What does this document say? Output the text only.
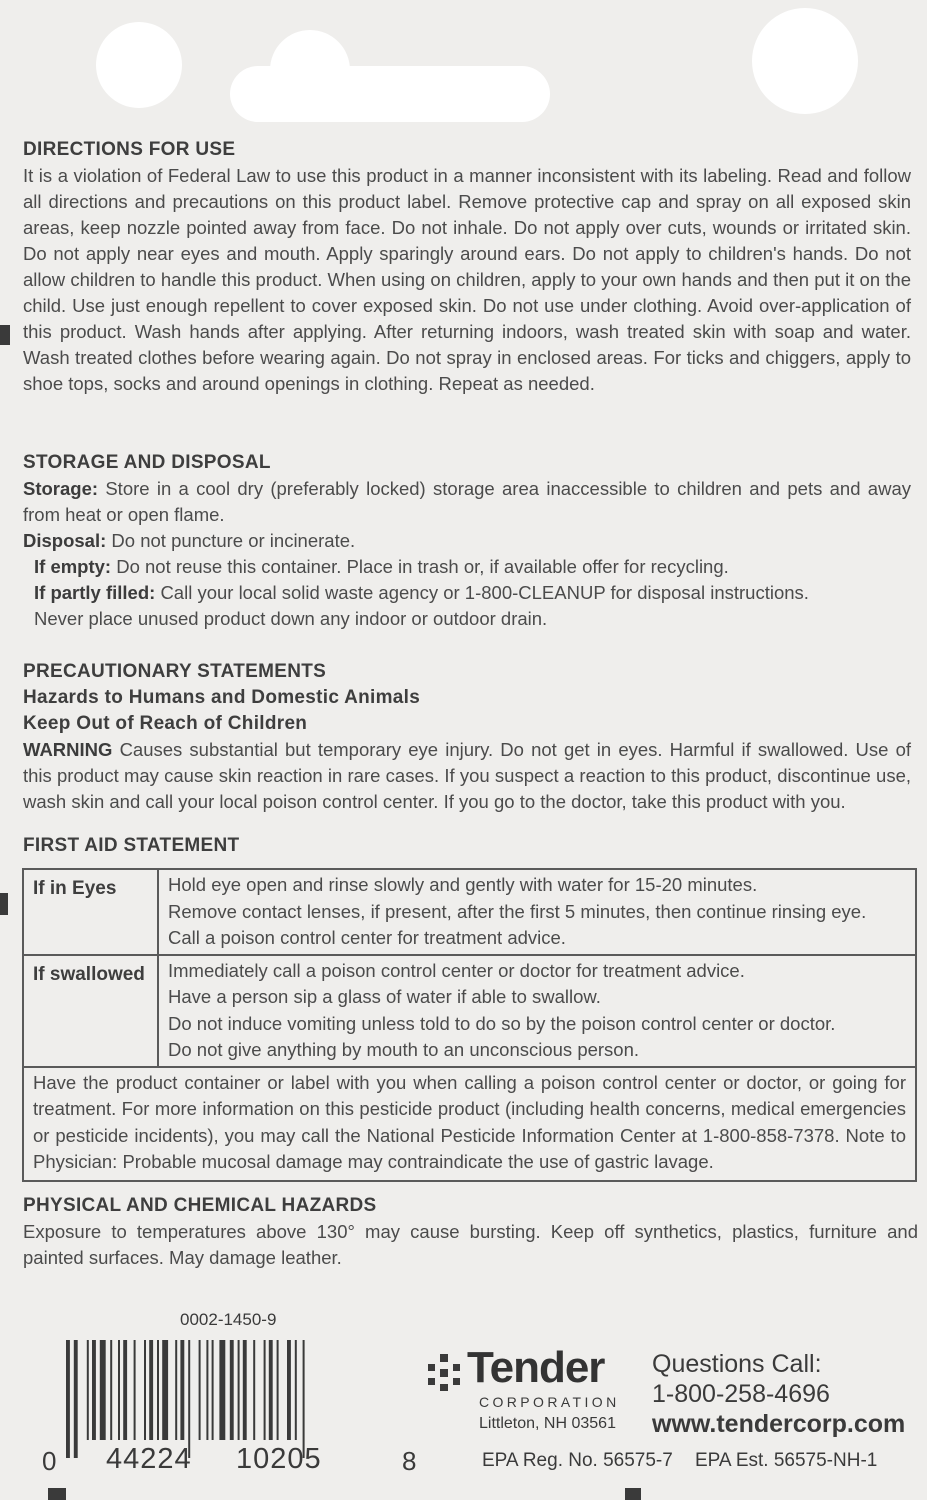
DIRECTIONS FOR USE
It is a violation of Federal Law to use this product in a manner inconsistent with its labeling. Read and follow all directions and precautions on this product label. Remove protective cap and spray on all exposed skin areas, keep nozzle pointed away from face. Do not inhale. Do not apply over cuts, wounds or irritated skin. Do not apply near eyes and mouth. Apply sparingly around ears. Do not apply to children's hands. Do not allow children to handle this product. When using on children, apply to your own hands and then put it on the child. Use just enough repellent to cover exposed skin. Do not use under clothing. Avoid over-application of this product. Wash hands after applying. After returning indoors, wash treated skin with soap and water. Wash treated clothes before wearing again. Do not spray in enclosed areas. For ticks and chiggers, apply to shoe tops, socks and around openings in clothing. Repeat as needed.
STORAGE AND DISPOSAL
Storage: Store in a cool dry (preferably locked) storage area inaccessible to children and pets and away from heat or open flame.
Disposal: Do not puncture or incinerate.
If empty: Do not reuse this container. Place in trash or, if available offer for recycling.
If partly filled: Call your local solid waste agency or 1-800-CLEANUP for disposal instructions.
Never place unused product down any indoor or outdoor drain.
PRECAUTIONARY STATEMENTS
Hazards to Humans and Domestic Animals
Keep Out of Reach of Children
WARNING Causes substantial but temporary eye injury. Do not get in eyes. Harmful if swallowed. Use of this product may cause skin reaction in rare cases. If you suspect a reaction to this product, discontinue use, wash skin and call your local poison control center. If you go to the doctor, take this product with you.
FIRST AID STATEMENT
If in Eyes	Hold eye open and rinse slowly and gently with water for 15-20 minutes.
Remove contact lenses, if present, after the first 5 minutes, then continue rinsing eye.
Call a poison control center for treatment advice.

If swallowed	Immediately call a poison control center or doctor for treatment advice.
Have a person sip a glass of water if able to swallow.
Do not induce vomiting unless told to do so by the poison control center or doctor.
Do not give anything by mouth to an unconscious person.

Have the product container or label with you when calling a poison control center or doctor, or going for treatment. For more information on this pesticide product (including health concerns, medical emergencies or pesticide incidents), you may call the National Pesticide Information Center at 1-800-858-7378. Note to Physician: Probable mucosal damage may contraindicate the use of gastric lavage.	
PHYSICAL AND CHEMICAL HAZARDS
Exposure to temperatures above 130° may cause bursting. Keep off synthetics, plastics, furniture and painted surfaces. May damage leather.
0002-1450-9
0 44224 10205	8
Tender
CORPORATION
Littleton, NH 03561
Questions Call:
1-800-258-4696
www.tendercorp.com
EPA Reg. No. 56575-7 EPA Est. 56575-NH-1
